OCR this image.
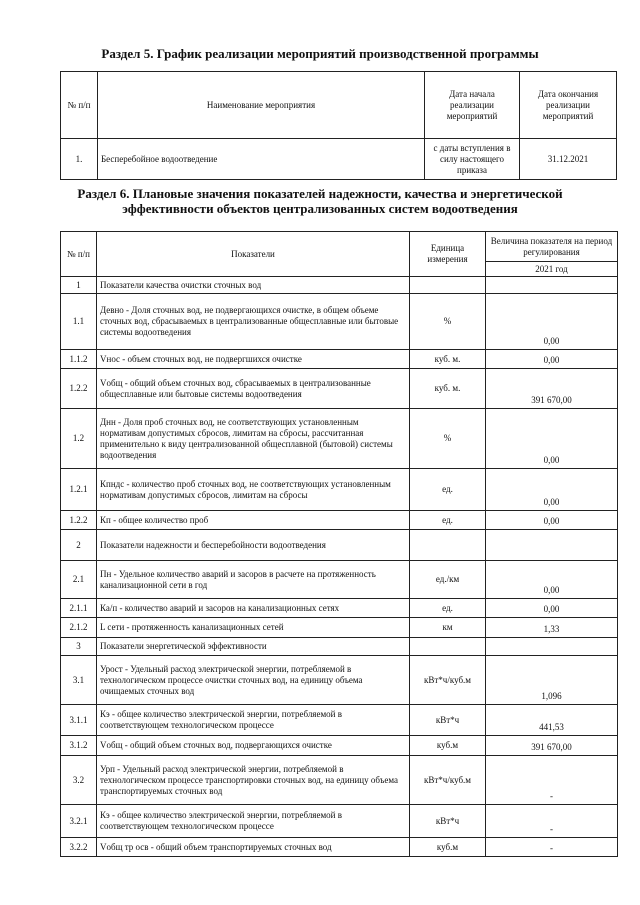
Раздел 5. График реализации мероприятий производственной программы
№ п/п	Наименование мероприятия	Дата начала реализации мероприятий	Дата окончания реализации мероприятий
1.	Бесперебойное водоотведение	с даты вступления в силу настоящего приказа	31.12.2021
Раздел 6. Плановые значения показателей надежности, качества и энергетической
эффективности объектов централизованных систем водоотведения
№ п/п	Показатели	Единица измерения	Величина показателя на период регулирования
			2021 год
1	Показатели качества очистки сточных вод		
1.1	Девно - Доля сточных вод, не подвергающихся очистке, в общем объеме сточных вод, сбрасываемых в централизованные общесплавные или бытовые системы водоотведения	%	0,00
1.1.2	Vнос - объем сточных вод, не подвергшихся очистке	куб. м.	0,00
1.2.2	Vобщ - общий объем сточных вод, сбрасываемых в централизованные общесплавные или бытовые системы водоотведения	куб. м.	391 670,00
1.2	Днн - Доля проб сточных вод, не соответствующих установленным нормативам допустимых сбросов, лимитам на сбросы, рассчитанная применительно к виду централизованной общесплавной (бытовой) системы водоотведения	%	0,00
1.2.1	Кпндс - количество проб сточных вод, не соответствующих установленным нормативам допустимых сбросов, лимитам на сбросы	ед.	0,00
1.2.2	Кп - общее количество проб	ед.	0,00
2	Показатели надежности и бесперебойности водоотведения		
2.1	Пн - Удельное количество аварий и засоров в расчете на протяженность канализационной сети в год	ед./км	0,00
2.1.1	Ка/п - количество аварий и засоров на канализационных сетях	ед.	0,00
2.1.2	L сети - протяженность канализационных сетей	км	1,33
3	Показатели энергетической эффективности		
3.1	Урост - Удельный расход электрической энергии, потребляемой в технологическом процессе очистки сточных вод, на единицу объема очищаемых сточных вод	кВт*ч/куб.м	1,096
3.1.1	Кэ - общее количество электрической энергии, потребляемой в соответствующем технологическом процессе	кВт*ч	441,53
3.1.2	Vобщ - общий объем сточных вод, подвергающихся очистке	куб.м	391 670,00
3.2	Урп - Удельный расход электрической энергии, потребляемой в технологическом процессе транспортировки сточных вод, на единицу объема транспортируемых сточных вод	кВт*ч/куб.м	-
3.2.1	Кэ - общее количество электрической энергии, потребляемой в соответствующем технологическом процессе	кВт*ч	-
3.2.2	Vобщ тр осв - общий объем транспортируемых сточных вод	куб.м	-
